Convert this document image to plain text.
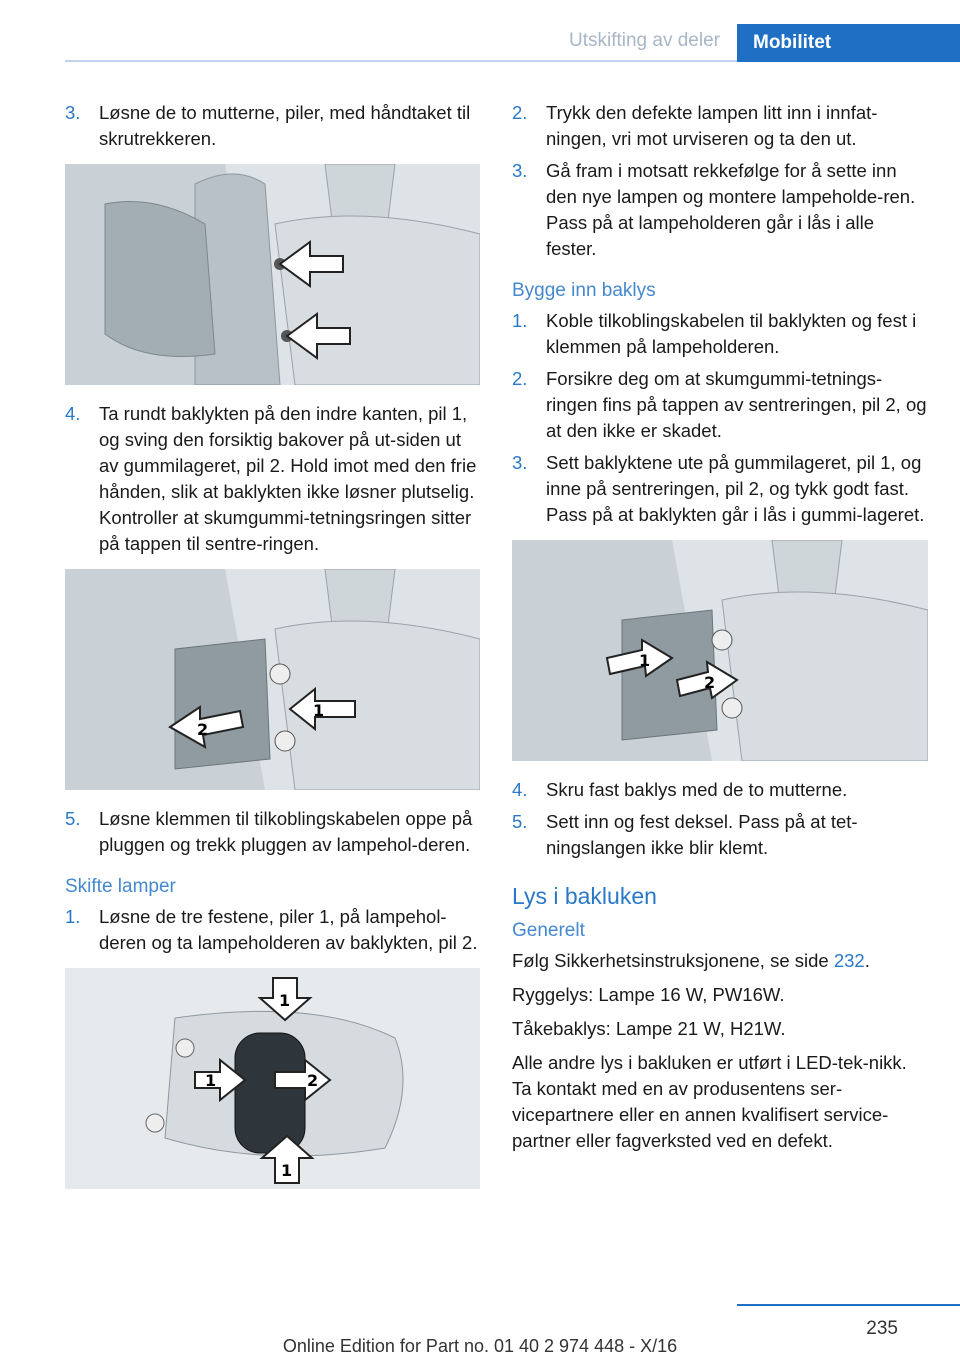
Utskifting av deler	Mobilitet
3.	Løsne de to mutterne, piler, med håndtaket til skrutrekkeren.
4.	Ta rundt baklykten på den indre kanten, pil 1, og sving den forsiktig bakover på ut-siden ut av gummilageret, pil 2. Hold imot med den frie hånden, slik at baklykten ikke løsner plutselig. Kontroller at skumgummi-tetningsringen sitter på tappen til sentre-ringen.
1
2
5.	Løsne klemmen til tilkoblingskabelen oppe på pluggen og trekk pluggen av lampehol-deren.
Skifte lamper
1.	Løsne de tre festene, piler 1, på lampehol-deren og ta lampeholderen av baklykten, pil 2.
1
1	2
1
2.	Trykk den defekte lampen litt inn i innfat-ningen, vri mot urviseren og ta den ut.
3.	Gå fram i motsatt rekkefølge for å sette inn den nye lampen og montere lampeholde-ren. Pass på at lampeholderen går i lås i alle fester.
Bygge inn baklys
1.	Koble tilkoblingskabelen til baklykten og fest i klemmen på lampeholderen.
2.	Forsikre deg om at skumgummi-tetnings-ringen fins på tappen av sentreringen, pil 2, og at den ikke er skadet.
3.	Sett baklyktene ute på gummilageret, pil 1, og inne på sentreringen, pil 2, og tykk godt fast. Pass på at baklykten går i lås i gummi-lageret.
1
2
4.	Skru fast baklys med de to mutterne.
5.	Sett inn og fest deksel. Pass på at tet-ningslangen ikke blir klemt.
Lys i bakluken
Generelt
Følg Sikkerhetsinstruksjonene, se side 232.
Ryggelys: Lampe 16 W, PW16W.
Tåkebaklys: Lampe 21 W, H21W.
Alle andre lys i bakluken er utført i LED-tek-nikk. Ta kontakt med en av produsentens ser-vicepartnere eller en annen kvalifisert service-partner eller fagverksted ved en defekt.
235
Online Edition for Part no. 01 40 2 974 448 - X/16
